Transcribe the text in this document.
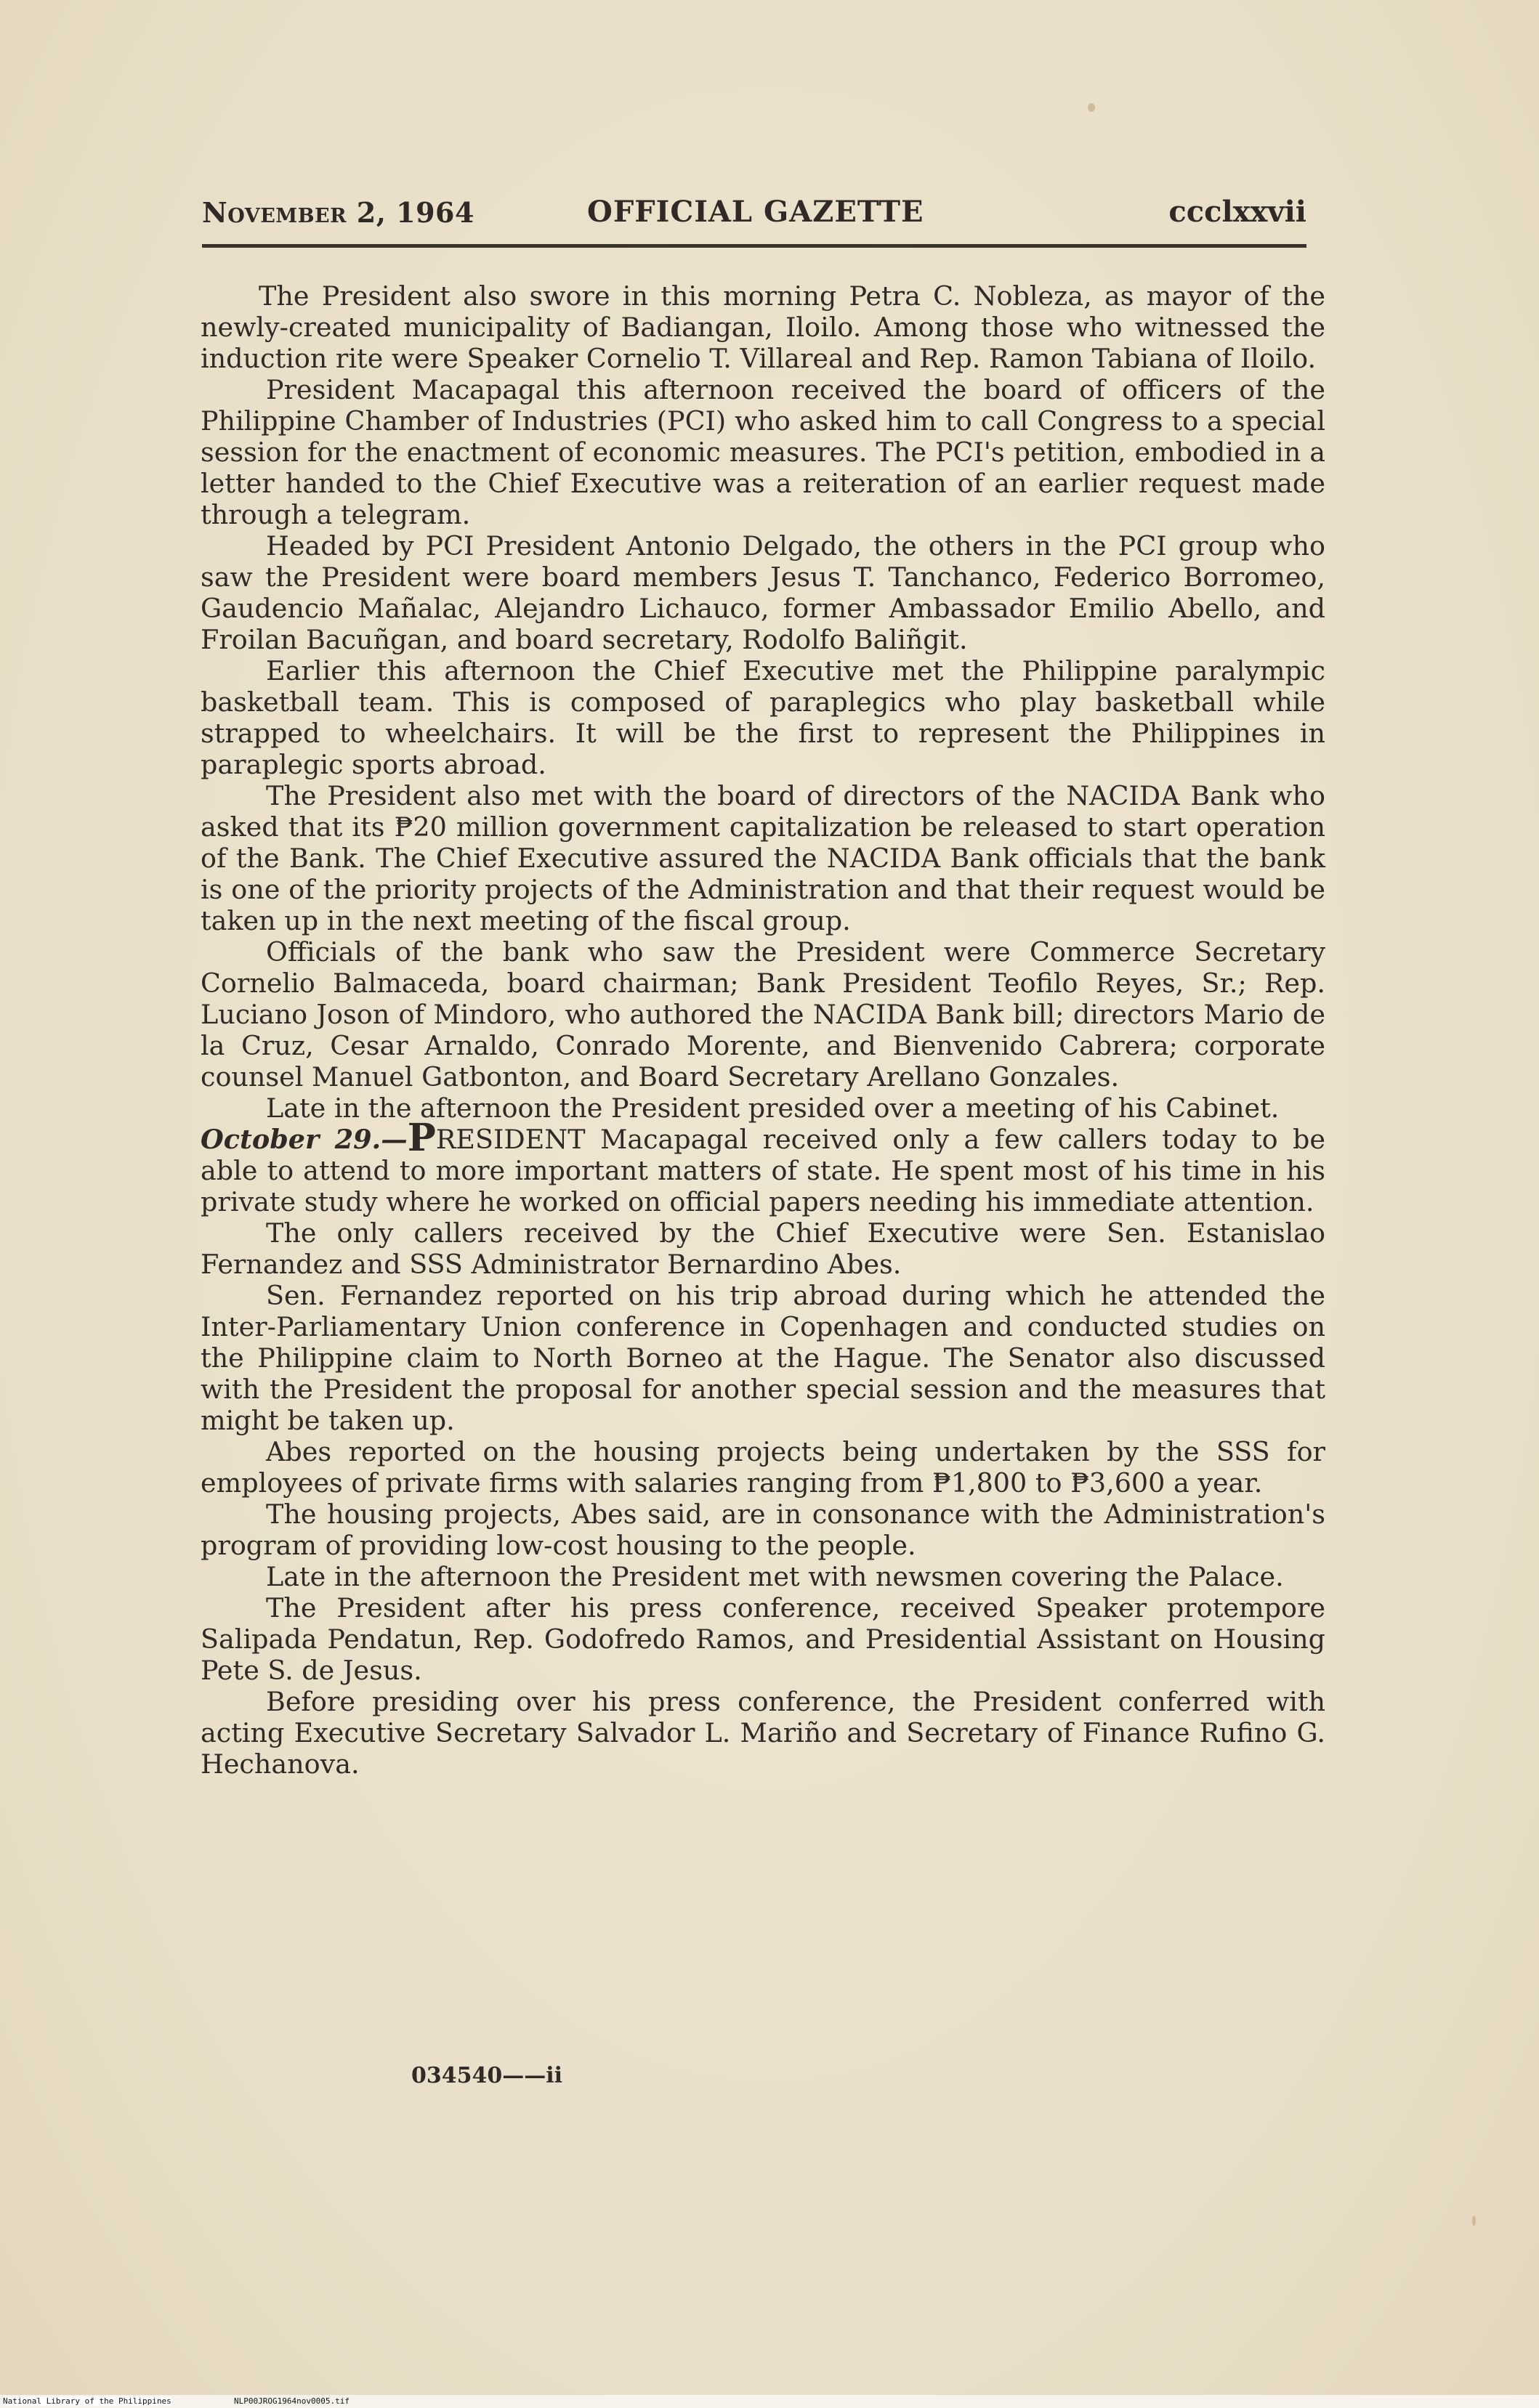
November 2, 1964	OFFICIAL GAZETTE	ccclxxvii

The President also swore in this morning Petra C. Nobleza, as mayor of the newly-created municipality of Badiangan, Iloilo. Among those who witnessed the induction rite were Speaker Cornelio T. Villareal and Rep. Ramon Tabiana of Iloilo.

President Macapagal this afternoon received the board of officers of the Philippine Chamber of Industries (PCI) who asked him to call Congress to a special session for the enactment of economic measures. The PCI's petition, embodied in a letter handed to the Chief Executive was a reiteration of an earlier request made through a telegram.

Headed by PCI President Antonio Delgado, the others in the PCI group who saw the President were board members Jesus T. Tanchanco, Federico Borromeo, Gaudencio Mañalac, Alejandro Lichauco, former Ambassador Emilio Abello, and Froilan Bacuñgan, and board secretary, Rodolfo Baliñgit.

Earlier this afternoon the Chief Executive met the Philippine paralympic basketball team. This is composed of paraplegics who play basketball while strapped to wheelchairs. It will be the first to represent the Philippines in paraplegic sports abroad.

The President also met with the board of directors of the NACIDA Bank who asked that its ₱20 million government capitalization be released to start operation of the Bank. The Chief Executive assured the NACIDA Bank officials that the bank is one of the priority projects of the Administration and that their request would be taken up in the next meeting of the fiscal group.

Officials of the bank who saw the President were Commerce Secretary Cornelio Balmaceda, board chairman; Bank President Teofilo Reyes, Sr.; Rep. Luciano Joson of Mindoro, who authored the NACIDA Bank bill; directors Mario de la Cruz, Cesar Arnaldo, Conrado Morente, and Bienvenido Cabrera; corporate counsel Manuel Gatbonton, and Board Secretary Arellano Gonzales.

Late in the afternoon the President presided over a meeting of his Cabinet.

October 29.—PRESIDENT Macapagal received only a few callers today to be able to attend to more important matters of state. He spent most of his time in his private study where he worked on official papers needing his immediate attention.

The only callers received by the Chief Executive were Sen. Estanislao Fernandez and SSS Administrator Bernardino Abes.

Sen. Fernandez reported on his trip abroad during which he attended the Inter-Parliamentary Union conference in Copenhagen and conducted studies on the Philippine claim to North Borneo at the Hague. The Senator also discussed with the President the proposal for another special session and the measures that might be taken up.

Abes reported on the housing projects being undertaken by the SSS for employees of private firms with salaries ranging from ₱1,800 to ₱3,600 a year.

The housing projects, Abes said, are in consonance with the Administration's program of providing low-cost housing to the people.

Late in the afternoon the President met with newsmen covering the Palace.

The President after his press conference, received Speaker protempore Salipada Pendatun, Rep. Godofredo Ramos, and Presidential Assistant on Housing Pete S. de Jesus.

Before presiding over his press conference, the President conferred with acting Executive Secretary Salvador L. Mariño and Secretary of Finance Rufino G. Hechanova.

034540——ii
National Library of the Philippines	NLP00JROG1964nov0005.tif
